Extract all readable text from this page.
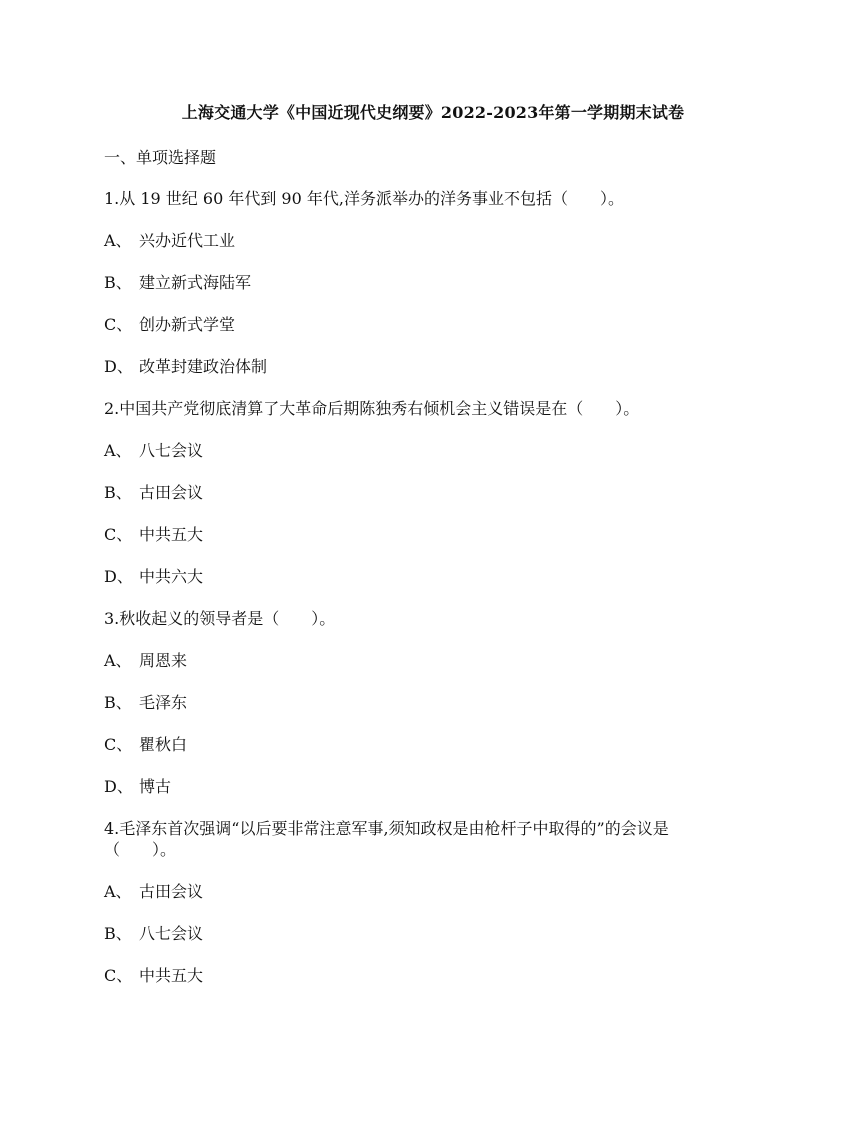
上海交通大学《中国近现代史纲要》2022-2023年第一学期期末试卷
一、单项选择题
1.从 19 世纪 60 年代到 90 年代,洋务派举办的洋务事业不包括（　　）。
A、 兴办近代工业
B、 建立新式海陆军
C、 创办新式学堂
D、 改革封建政治体制
2.中国共产党彻底清算了大革命后期陈独秀右倾机会主义错误是在（　　）。
A、 八七会议
B、 古田会议
C、 中共五大
D、 中共六大
3.秋收起义的领导者是（　　）。
A、 周恩来
B、 毛泽东
C、 瞿秋白
D、 博古
4.毛泽东首次强调“以后要非常注意军事,须知政权是由枪杆子中取得的”的会议是
（　　）。
A、 古田会议
B、 八七会议
C、 中共五大
